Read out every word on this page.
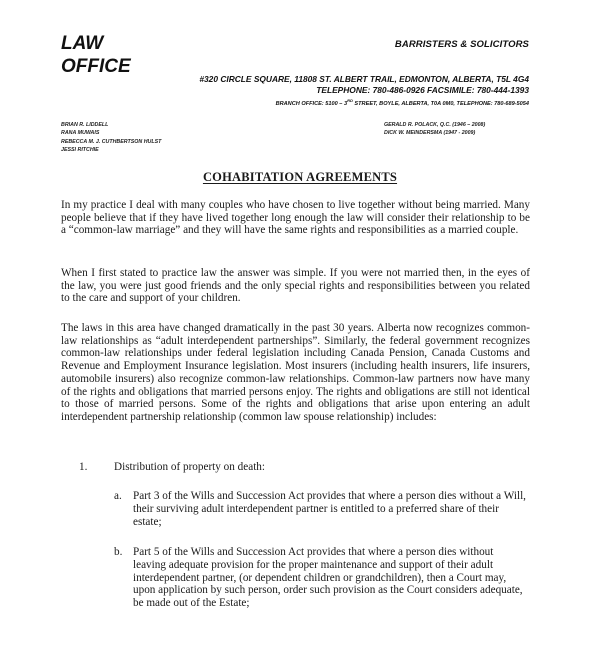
LAW
OFFICE
BARRISTERS & SOLICITORS
#320 CIRCLE SQUARE, 11808 ST. ALBERT TRAIL, EDMONTON, ALBERTA, T5L 4G4
TELEPHONE: 780-486-0926 FACSIMILE: 780-444-1393
BRANCH OFFICE: 5100 – 3RD STREET, BOYLE, ALBERTA, T0A 0M0, TELEPHONE: 780-689-5054
BRIAN R. LIDDELL
RANA MUWAIS
REBECCA M. J. CUTHBERTSON HULST
JESSI RITCHIE
GERALD R. POLACK, Q.C. (1946 – 2008)
DICK W. MEINDERSMA (1947 - 2009)
COHABITATION AGREEMENTS
In my practice I deal with many couples who have chosen to live together without being married. Many people believe that if they have lived together long enough the law will consider their relationship to be a “common-law marriage” and they will have the same rights and responsibilities as a married couple.
When I first stated to practice law the answer was simple. If you were not married then, in the eyes of the law, you were just good friends and the only special rights and responsibilities between you related to the care and support of your children.
The laws in this area have changed dramatically in the past 30 years. Alberta now recognizes common-law relationships as “adult interdependent partnerships”. Similarly, the federal government recognizes common-law relationships under federal legislation including Canada Pension, Canada Customs and Revenue and Employment Insurance legislation. Most insurers (including health insurers, life insurers, automobile insurers) also recognize common-law relationships. Common-law partners now have many of the rights and obligations that married persons enjoy. The rights and obligations are still not identical to those of married persons. Some of the rights and obligations that arise upon entering an adult interdependent partnership relationship (common law spouse relationship) includes:
1. Distribution of property on death:
a. Part 3 of the Wills and Succession Act provides that where a person dies without a Will, their surviving adult interdependent partner is entitled to a preferred share of their estate;
b. Part 5 of the Wills and Succession Act provides that where a person dies without leaving adequate provision for the proper maintenance and support of their adult interdependent partner, (or dependent children or grandchildren), then a Court may, upon application by such person, order such provision as the Court considers adequate, be made out of the Estate;
